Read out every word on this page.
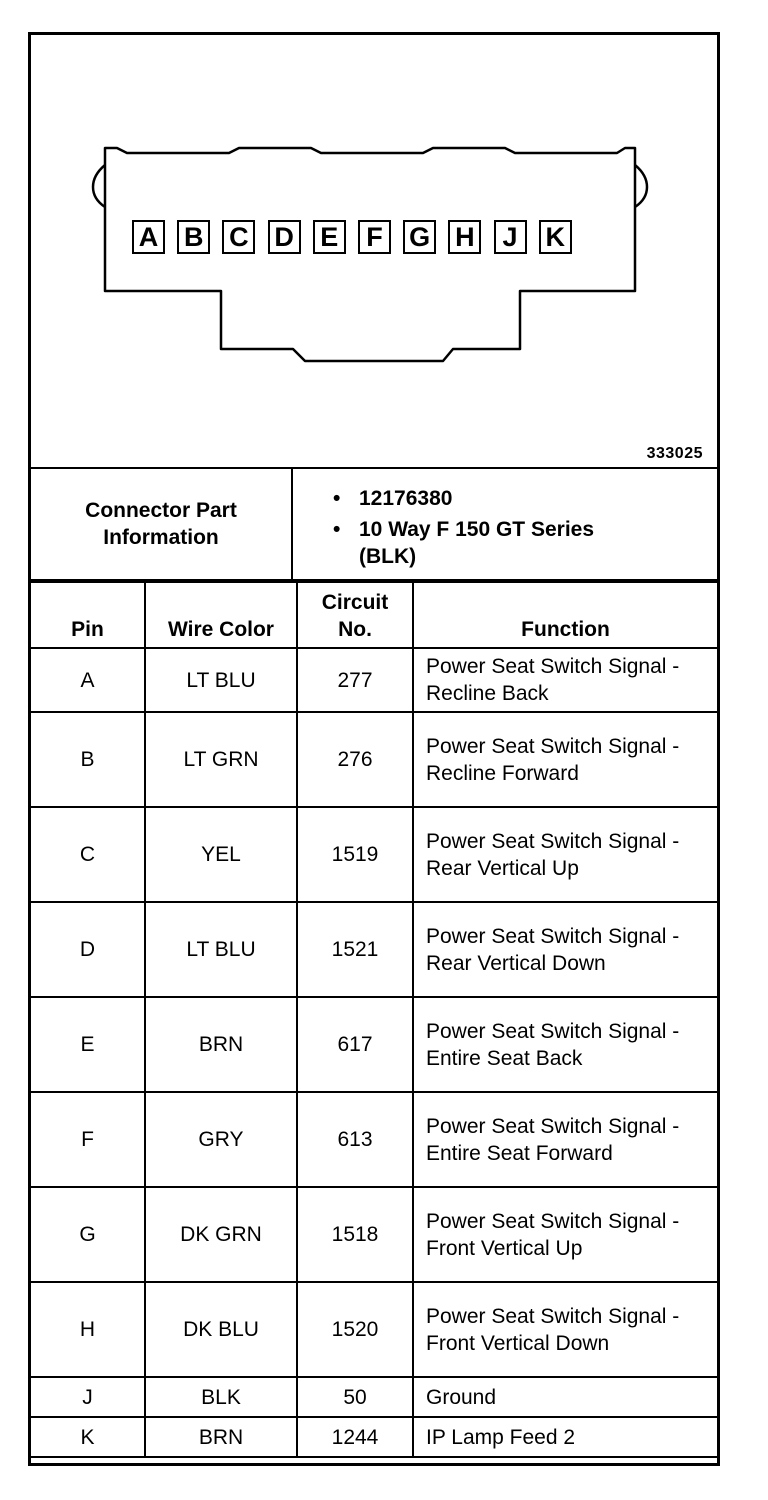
A B C D E	F G H	J	K
333025
Connector Part Information
• 12176380
• 10 Way F 150 GT Series (BLK)
Pin	Wire Color	Circuit No.	Function
A	LT BLU	277	Power Seat Switch Signal - Recline Back
B	LT GRN	276	Power Seat Switch Signal - Recline Forward
C	YEL	1519	Power Seat Switch Signal - Rear Vertical Up
D	LT BLU	1521	Power Seat Switch Signal - Rear Vertical Down
E	BRN	617	Power Seat Switch Signal - Entire Seat Back
F	GRY	613	Power Seat Switch Signal - Entire Seat Forward
G	DK GRN	1518	Power Seat Switch Signal - Front Vertical Up
H	DK BLU	1520	Power Seat Switch Signal - Front Vertical Down
J	BLK	50	Ground
K	BRN	1244	IP Lamp Feed 2
